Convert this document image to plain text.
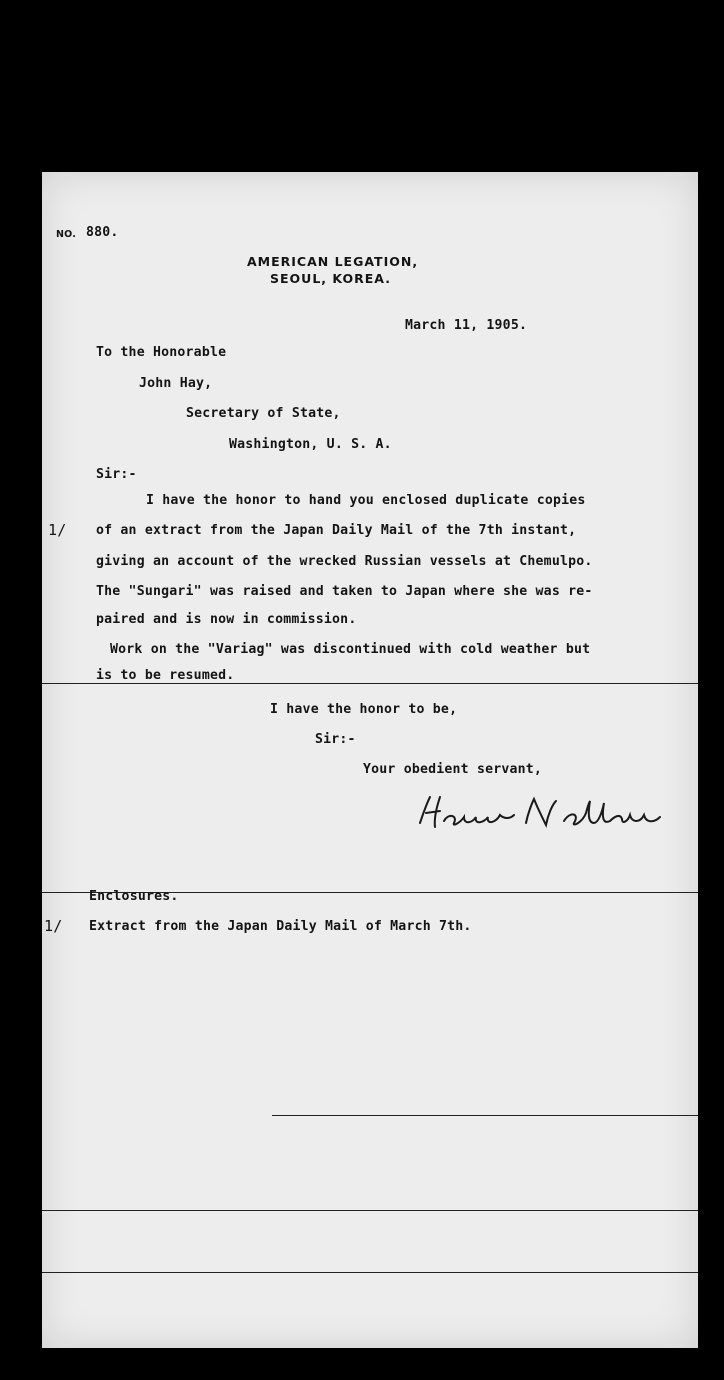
NO. 880.
AMERICAN LEGATION,
SEOUL, KOREA.
March 11, 1905.
To the Honorable
John Hay,
Secretary of State,
Washington, U. S. A.
Sir:-
1/
I have the honor to hand you enclosed duplicate copies
of an extract from the Japan Daily Mail of the 7th instant,
giving an account of the wrecked Russian vessels at Chemulpo.
The "Sungari" was raised and taken to Japan where she was re-
paired and is now in commission.
Work on the "Variag" was discontinued with cold weather but
is to be resumed.
I have the honor to be,
Sir:-
Your obedient servant,
Enclosures.
1/ Extract from the Japan Daily Mail of March 7th.
